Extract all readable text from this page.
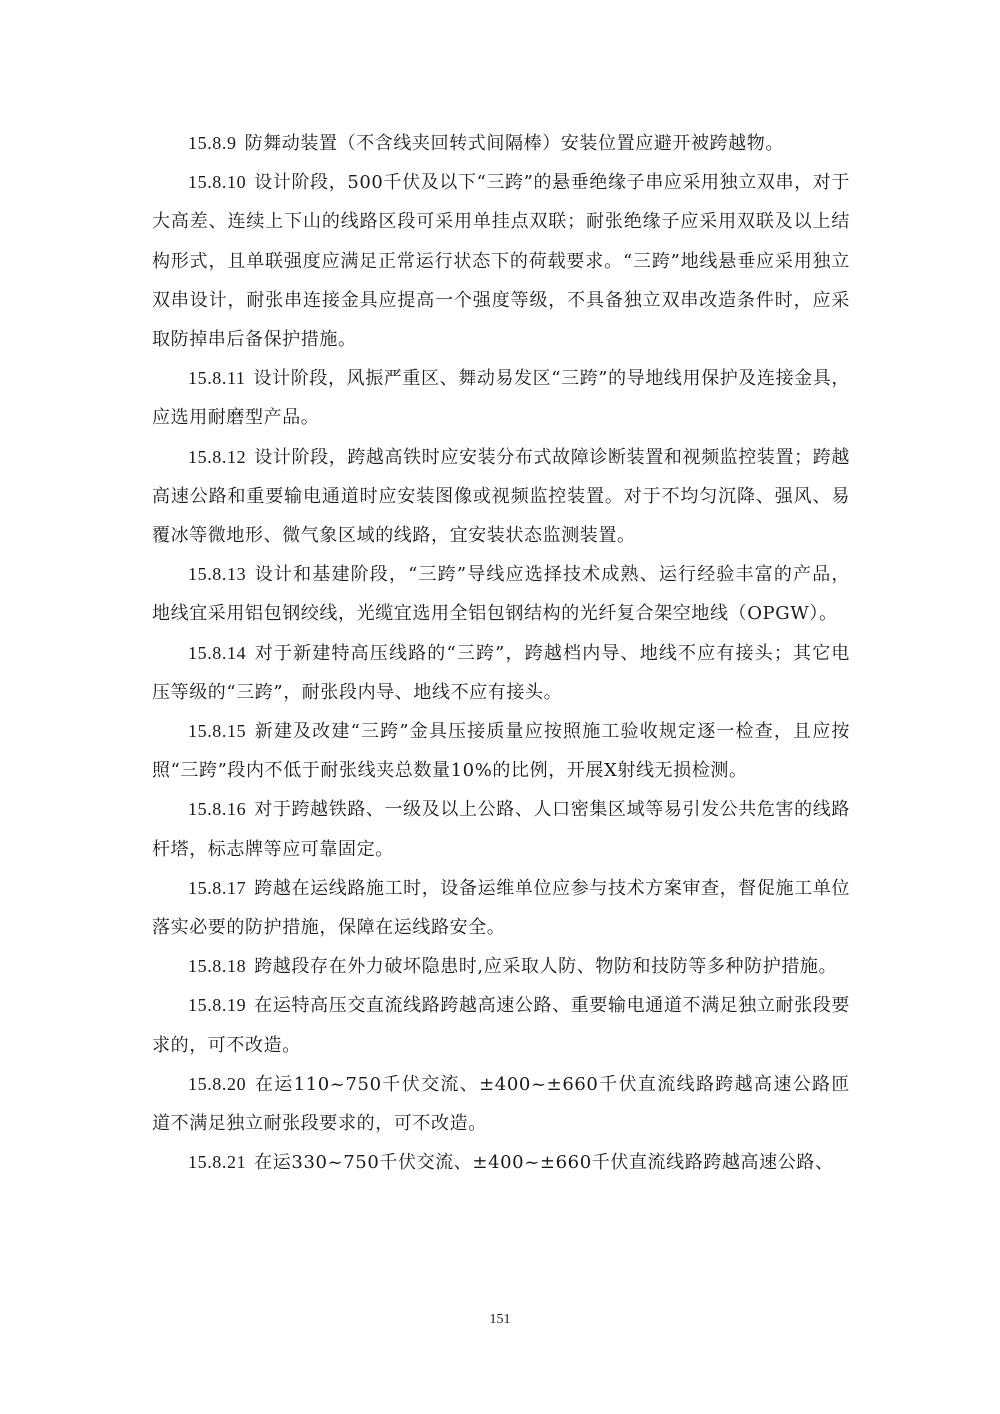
15.8.9 防舞动装置（不含线夹回转式间隔棒）安装位置应避开被跨越物。

15.8.10 设计阶段，500千伏及以下“三跨”的悬垂绝缘子串应采用独立双串，对于大高差、连续上下山的线路区段可采用单挂点双联；耐张绝缘子应采用双联及以上结构形式，且单联强度应满足正常运行状态下的荷载要求。“三跨”地线悬垂应采用独立双串设计，耐张串连接金具应提高一个强度等级，不具备独立双串改造条件时，应采取防掉串后备保护措施。

15.8.11 设计阶段，风振严重区、舞动易发区“三跨”的导地线用保护及连接金具，应选用耐磨型产品。

15.8.12 设计阶段，跨越高铁时应安装分布式故障诊断装置和视频监控装置；跨越高速公路和重要输电通道时应安装图像或视频监控装置。对于不均匀沉降、强风、易覆冰等微地形、微气象区域的线路，宜安装状态监测装置。

15.8.13 设计和基建阶段，“三跨”导线应选择技术成熟、运行经验丰富的产品，地线宜采用铝包钢绞线，光缆宜选用全铝包钢结构的光纤复合架空地线（OPGW）。

15.8.14 对于新建特高压线路的“三跨”，跨越档内导、地线不应有接头；其它电压等级的“三跨”，耐张段内导、地线不应有接头。

15.8.15 新建及改建“三跨”金具压接质量应按照施工验收规定逐一检查，且应按照“三跨”段内不低于耐张线夹总数量10%的比例，开展X射线无损检测。

15.8.16 对于跨越铁路、一级及以上公路、人口密集区域等易引发公共危害的线路杆塔，标志牌等应可靠固定。

15.8.17 跨越在运线路施工时，设备运维单位应参与技术方案审查，督促施工单位落实必要的防护措施，保障在运线路安全。

15.8.18 跨越段存在外力破坏隐患时,应采取人防、物防和技防等多种防护措施。

15.8.19 在运特高压交直流线路跨越高速公路、重要输电通道不满足独立耐张段要求的，可不改造。

15.8.20 在运110~750千伏交流、±400~±660千伏直流线路跨越高速公路匝道不满足独立耐张段要求的，可不改造。

15.8.21 在运330~750千伏交流、±400~±660千伏直流线路跨越高速公路、

151
